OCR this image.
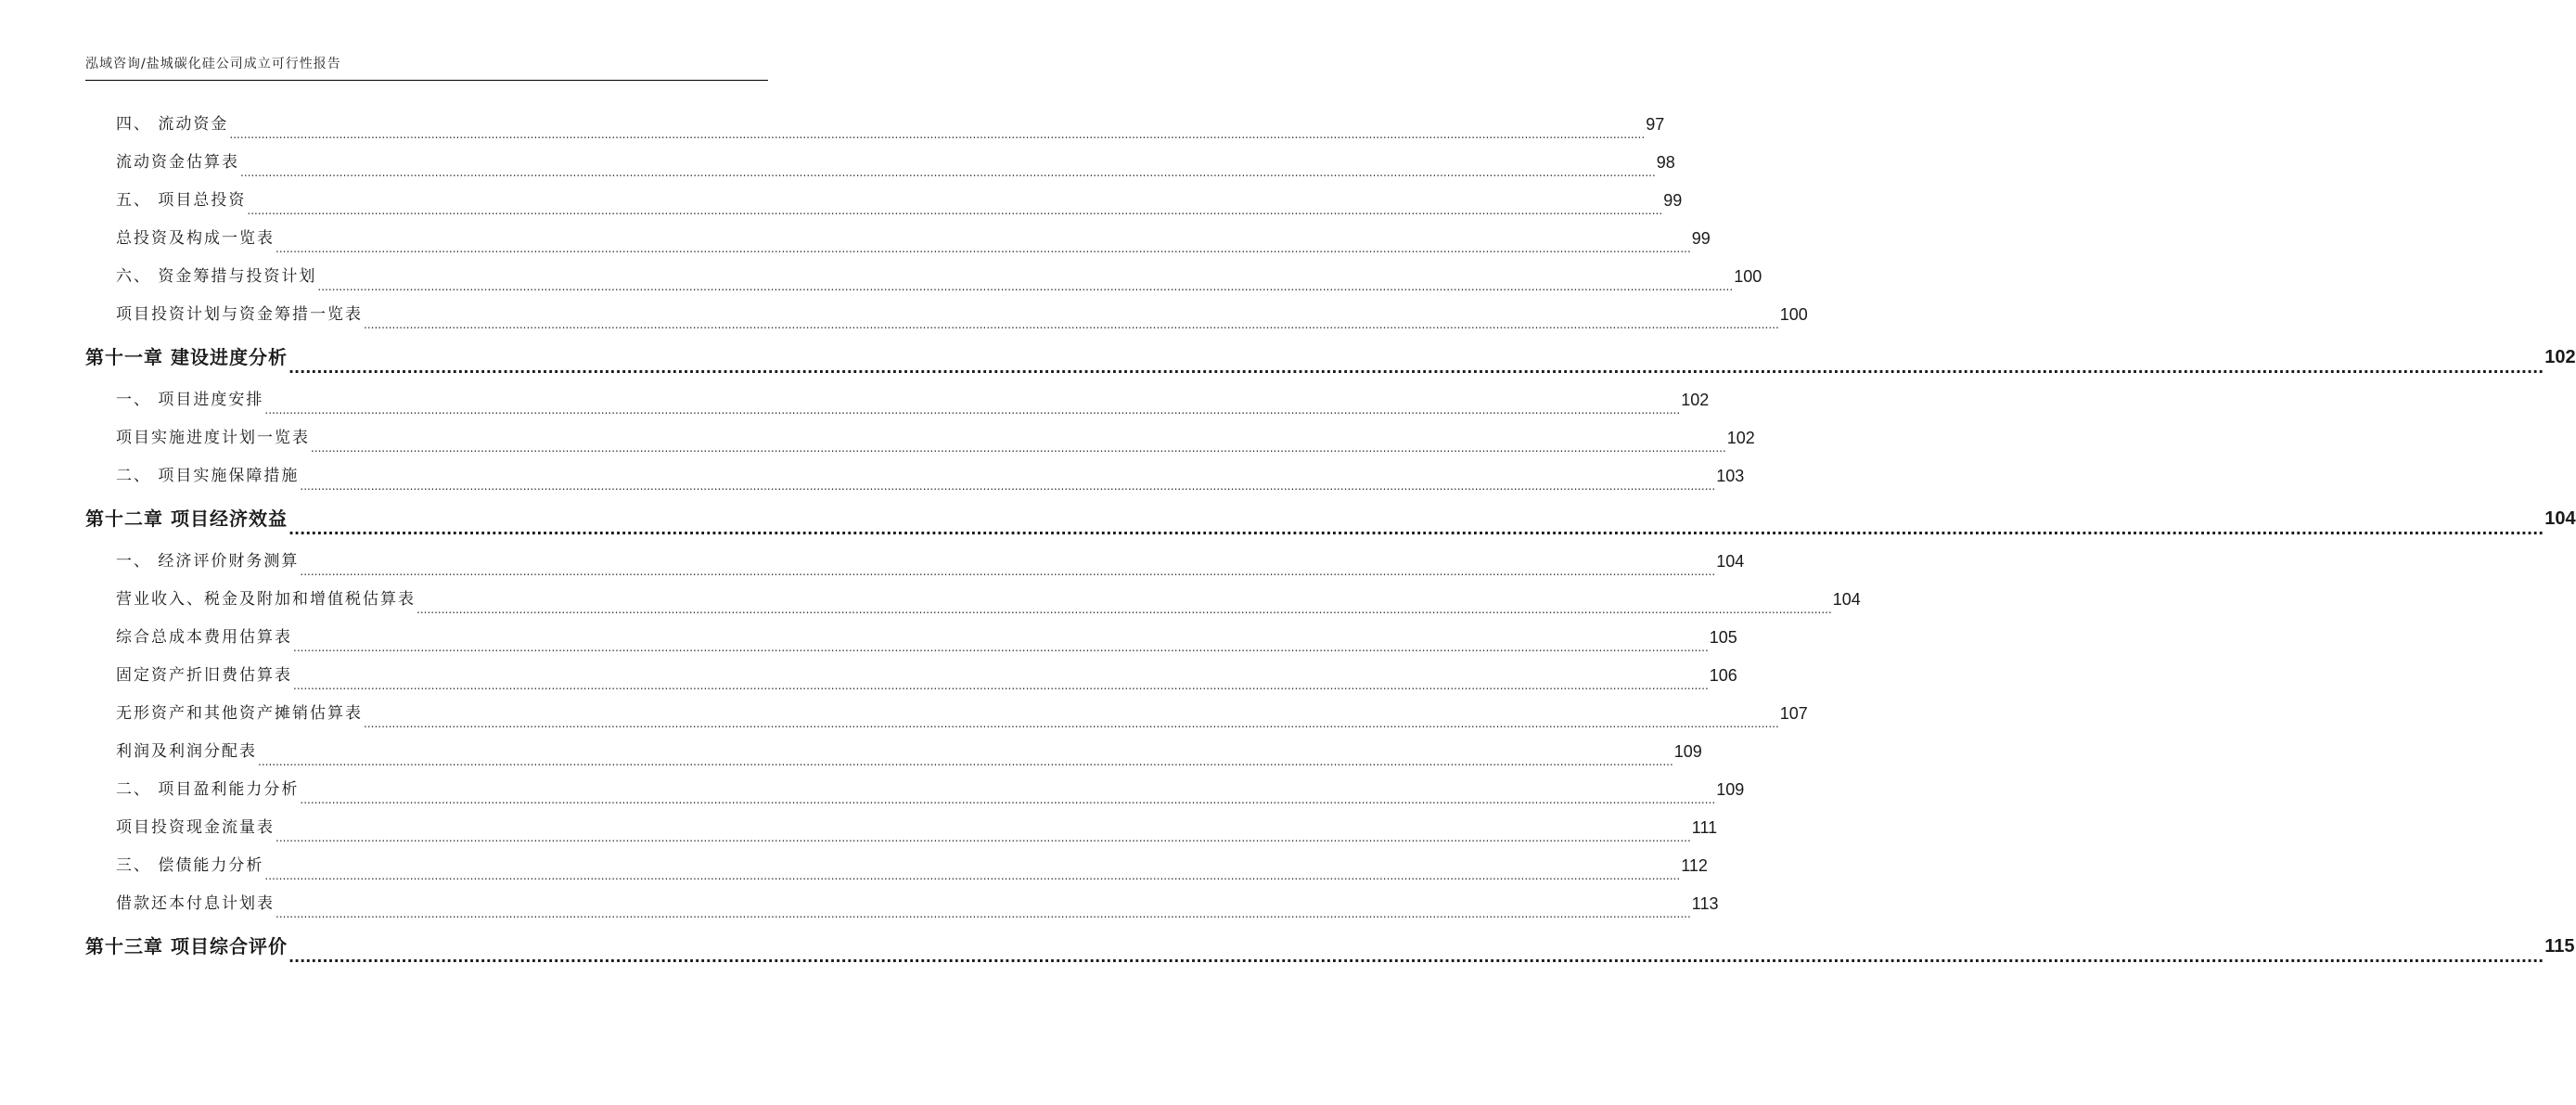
泓域咨询/盐城碳化硅公司成立可行性报告
四、 流动资金
................................................................................................................................................................................................................................................................................................................................................................................................................
97
流动资金估算表
................................................................................................................................................................................................................................................................................................................................................................................................................
98
五、 项目总投资
................................................................................................................................................................................................................................................................................................................................................................................................................
99
总投资及构成一览表
................................................................................................................................................................................................................................................................................................................................................................................................................
99
六、 资金筹措与投资计划
................................................................................................................................................................................................................................................................................................................................................................................................................
100
项目投资计划与资金筹措一览表
................................................................................................................................................................................................................................................................................................................................................................................................................
100
第十一章 建设进度分析 ................................................................................................................................................................................................................................................................................................................................................................................................................
102
一、 项目进度安排
................................................................................................................................................................................................................................................................................................................................................................................................................
102
项目实施进度计划一览表
................................................................................................................................................................................................................................................................................................................................................................................................................
102
二、 项目实施保障措施
................................................................................................................................................................................................................................................................................................................................................................................................................
103
第十二章 项目经济效益 ................................................................................................................................................................................................................................................................................................................................................................................................................
104
一、 经济评价财务测算
................................................................................................................................................................................................................................................................................................................................................................................................................
104
营业收入、税金及附加和增值税估算表
................................................................................................................................................................................................................................................................................................................................................................................................................
104
综合总成本费用估算表
................................................................................................................................................................................................................................................................................................................................................................................................................
105
固定资产折旧费估算表
................................................................................................................................................................................................................................................................................................................................................................................................................
106
无形资产和其他资产摊销估算表
................................................................................................................................................................................................................................................................................................................................................................................................................
107
利润及利润分配表
................................................................................................................................................................................................................................................................................................................................................................................................................
109
二、 项目盈利能力分析
................................................................................................................................................................................................................................................................................................................................................................................................................
109
项目投资现金流量表
................................................................................................................................................................................................................................................................................................................................................................................................................
111
三、 偿债能力分析
................................................................................................................................................................................................................................................................................................................................................................................................................
112
借款还本付息计划表
................................................................................................................................................................................................................................................................................................................................................................................................................
113
第十三章 项目综合评价 ................................................................................................................................................................................................................................................................................................................................................................................................................
115
